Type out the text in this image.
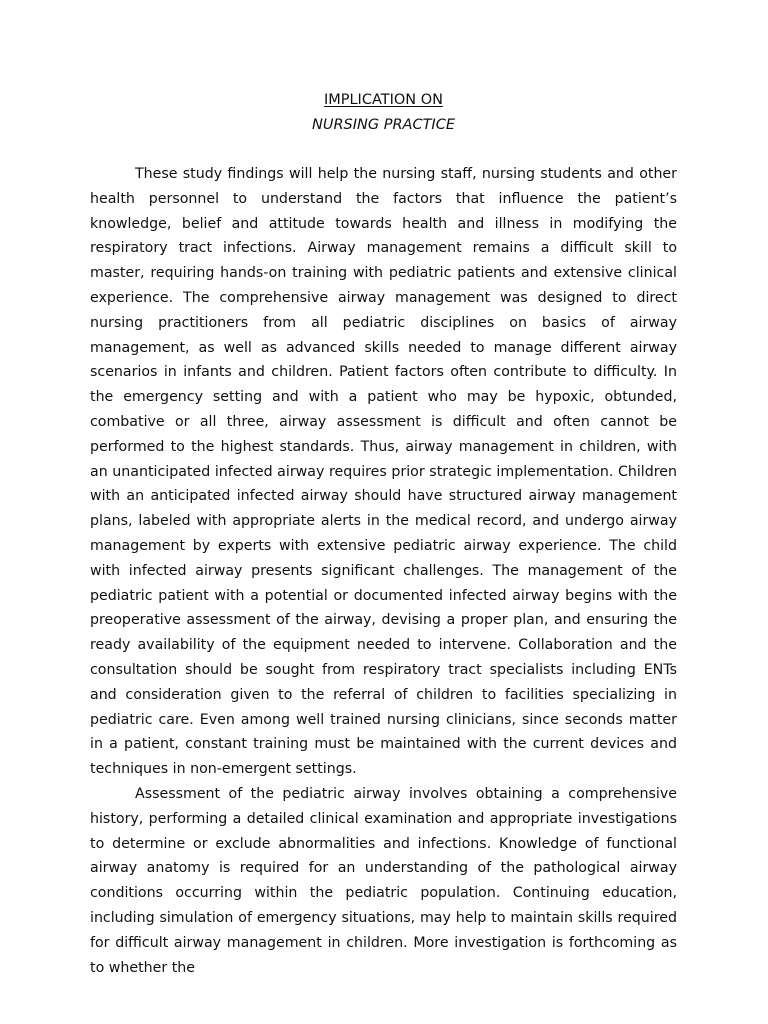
IMPLICATION ON
NURSING PRACTICE

These study findings will help the nursing staff, nursing students and other health personnel to understand the factors that influence the patient’s knowledge, belief and attitude towards health and illness in modifying the respiratory tract infections. Airway management remains a difficult skill to master, requiring hands-on training with pediatric patients and extensive clinical experience. The comprehensive airway management was designed to direct nursing practitioners from all pediatric disciplines on basics of airway management, as well as advanced skills needed to manage different airway scenarios in infants and children. Patient factors often contribute to difficulty. In the emergency setting and with a patient who may be hypoxic, obtunded, combative or all three, airway assessment is difficult and often cannot be performed to the highest standards. Thus, airway management in children, with an unanticipated infected airway requires prior strategic implementation. Children with an anticipated infected airway should have structured airway management plans, labeled with appropriate alerts in the medical record, and undergo airway management by experts with extensive pediatric airway experience. The child with infected airway presents significant challenges. The management of the pediatric patient with a potential or documented infected airway begins with the preoperative assessment of the airway, devising a proper plan, and ensuring the ready availability of the equipment needed to intervene. Collaboration and the consultation should be sought from respiratory tract specialists including ENTs and consideration given to the referral of children to facilities specializing in pediatric care. Even among well trained nursing clinicians, since seconds matter in a patient, constant training must be maintained with the current devices and techniques in non-emergent settings.

Assessment of the pediatric airway involves obtaining a comprehensive history, performing a detailed clinical examination and appropriate investigations to determine or exclude abnormalities and infections. Knowledge of functional airway anatomy is required for an understanding of the pathological airway conditions occurring within the pediatric population. Continuing education, including simulation of emergency situations, may help to maintain skills required for difficult airway management in children. More investigation is forthcoming as to whether the
